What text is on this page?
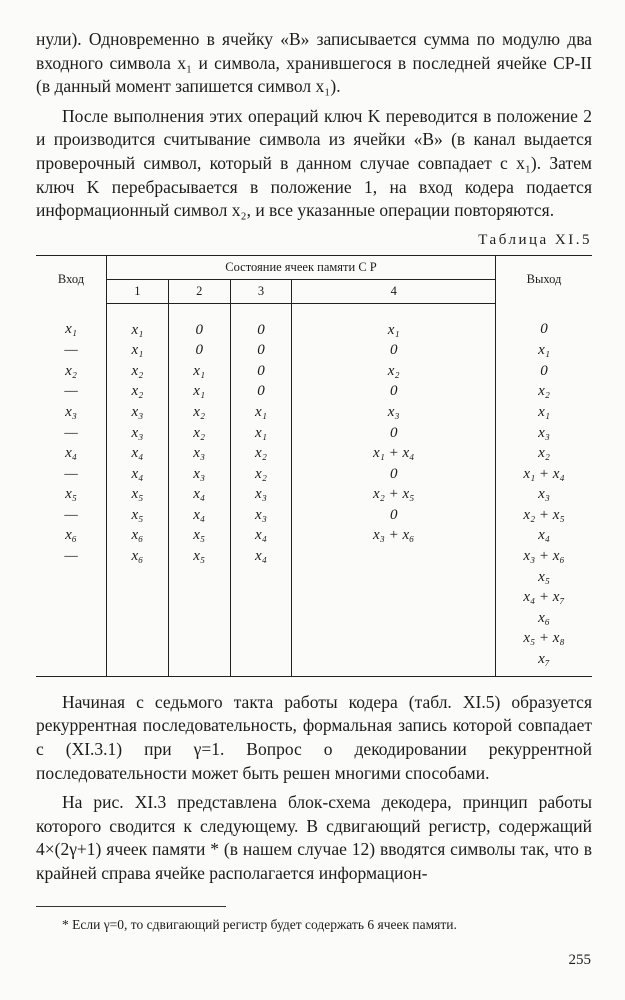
нули). Одновременно в ячейку «В» записывается сумма по модулю два входного символа x₁ и символа, хранившегося в последней ячейке CP-II (в данный момент запишется символ x₁).

После выполнения этих операций ключ K переводится в положение 2 и производится считывание символа из ячейки «В» (в канал выдается проверочный символ, который в данном случае совпадает с x₁). Затем ключ K перебрасывается в положение 1, на вход кодера подается информационный символ x₂, и все указанные операции повторяются.

Таблица XI.5
Вход	Состояние ячеек памяти С Р				Выход
	1	2	3	4	
x₁	x₁	0	0	x₁	0
—	x₁	0	0	0	x₁
x₂	x₂	x₁	0	x₂	0
—	x₂	x₁	0	0	x₂
x₃	x₃	x₂	x₁	x₃	x₁
—	x₃	x₂	x₁	0	x₃
x₄	x₄	x₃	x₂	x₁ + x₄	x₂
—	x₄	x₃	x₂	0	x₁ + x₄
x₅	x₅	x₄	x₃	x₂ + x₅	x₃
—	x₅	x₄	x₃	0	x₂ + x₅
x₆	x₆	x₅	x₄	x₃ + x₆	x₄
—	x₆	x₅	x₄		x₃ + x₆
					x₅
					x₄ + x₇
					x₆
					x₅ + x₈
					x₇

Начиная с седьмого такта работы кодера (табл. XI.5) образуется рекуррентная последовательность, формальная запись которой совпадает с (XI.3.1) при γ=1. Вопрос о декодировании рекуррентной последовательности может быть решен многими способами.

На рис. XI.3 представлена блок-схема декодера, принцип работы которого сводится к следующему. В сдвигающий регистр, содержащий 4×(2γ+1) ячеек памяти * (в нашем случае 12) вводятся символы так, что в крайней справа ячейке располагается информацион-

* Если γ=0, то сдвигающий регистр будет содержать 6 ячеек памяти.

255
